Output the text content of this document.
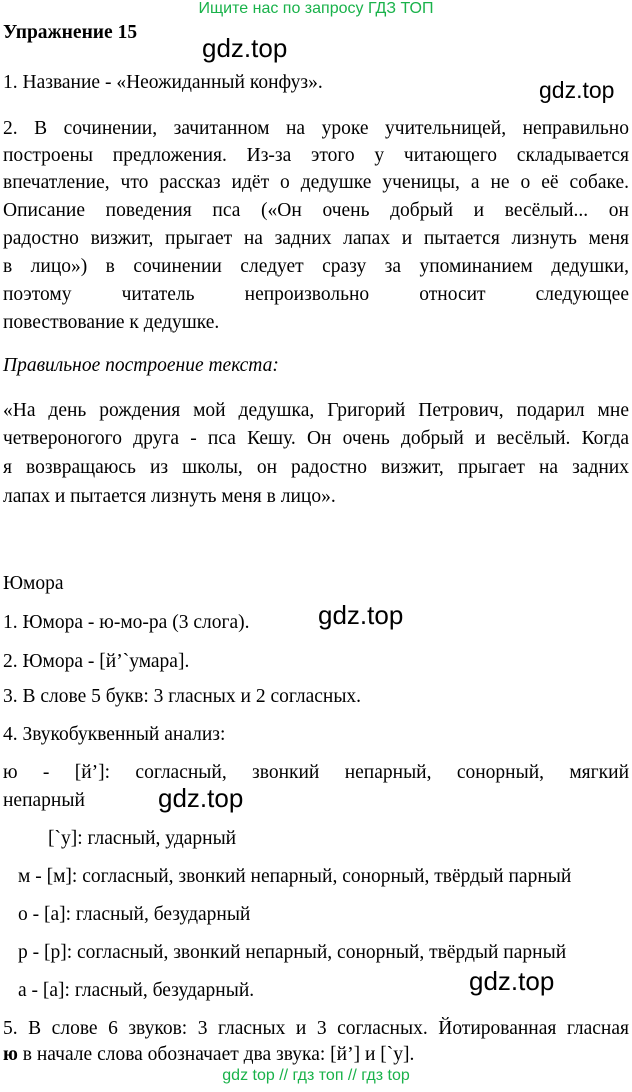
Ищите нас по запросу ГДЗ ТОП
Упражнение 15
gdz.top
gdz.top
1. Название - «Неожиданный конфуз».
2. В сочинении, зачитанном на уроке учительницей, неправильно
построены предложения. Из-за этого у читающего складывается
впечатление, что рассказ идёт о дедушке ученицы, а не о её собаке.
Описание поведения пса («Он очень добрый и весёлый... он
радостно визжит, прыгает на задних лапах и пытается лизнуть меня
в лицо») в сочинении следует сразу за упоминанием дедушки,
поэтому читатель непроизвольно относит следующее
повествование к дедушке.
Правильное построение текста:
«На день рождения мой дедушка, Григорий Петрович, подарил мне
четвероногого друга - пса Кешу. Он очень добрый и весёлый. Когда
я возвращаюсь из школы, он радостно визжит, прыгает на задних
лапах и пытается лизнуть меня в лицо».
Юмора
gdz.top
1. Юмора - ю-мо-ра (3 слога).
2. Юмора - [й’`умара].
3. В слове 5 букв: 3 гласных и 2 согласных.
4. Звукобуквенный анализ:
ю - [й’]: согласный, звонкий непарный, сонорный, мягкий
непарный	gdz.top
[`у]: гласный, ударный
м - [м]: согласный, звонкий непарный, сонорный, твёрдый парный
о - [а]: гласный, безударный
р - [р]: согласный, звонкий непарный, сонорный, твёрдый парный
а - [а]: гласный, безударный.	gdz.top
5. В слове 6 звуков: 3 гласных и 3 согласных. Йотированная гласная
ю в начале слова обозначает два звука: [й’] и [`у].
gdz top // гдз топ // гдз top
